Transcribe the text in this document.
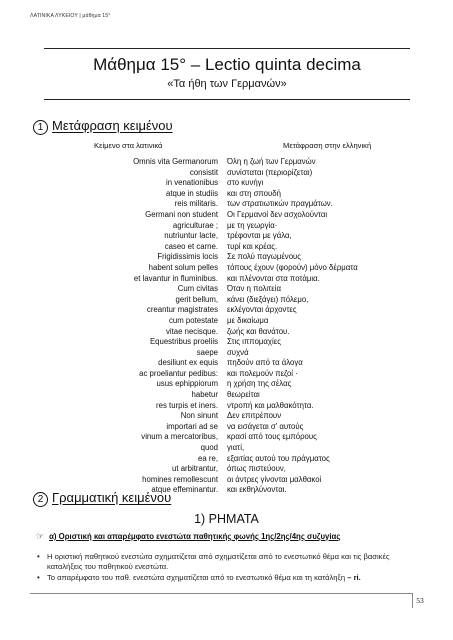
ΛΑΤΙΝΙΚΑ ΛΥΚΕΙΟΥ | μάθημα 15°
Μάθημα 15° – Lectio quinta decima
«Τα ήθη των Γερμανών»
1 Μετάφραση κειμένου
Κείμενο στα λατινικά	Μετάφραση στην ελληνική
Omnis vita Germanorum
consistit
in venationibus
atque in studiis
reis militaris.
Germani non student
agriculturae ;
nutriuntur lacte,
caseo et carne.
Frigidissimis locis
habent solum pelles
et lavantur in fluminibus.
Cum civitas
gerit bellum,
creantur magistrates
cum potestate
vitae necisque.
Equestribus proeliis
saepe
desiliunt ex equis
ac proeliantur pedibus:
usus ephippiorum
habetur
res turpis et iners.
Non sinunt
importari ad se
vinum a mercatoribus,
quod
ea re,
ut arbitrantur,
homines remollescunt
atque effeminantur.
Όλη η ζωή των Γερμανών
συνίσταται (περιορίζεται)
στο κυνήγι
και στη σπουδή
των στρατιωτικών πραγμάτων.
Οι Γερμανοί δεν ασχολούνται
με τη γεωργία·
τρέφονται με γάλα,
τυρί και κρέας.
Σε πολύ παγωμένους
τόπους έχουν (φορούν) μόνο δέρματα
και πλένονται στα ποτάμια.
Όταν η πολιτεία
κάνει (διεξάγει) πόλεμο,
εκλέγονται άρχοντες
με δικαίωμα
ζωής και θανάτου.
Στις ιππομαχίες
συχνά
πηδούν από τα άλογα
και πολεμούν πεζοί ·
η χρήση της σέλας
θεωρείται
ντροπή και μαλθακότητα.
Δεν επιτρέπουν
να εισάγεται σ' αυτούς
κρασί από τους εμπόρους
γιατί,
εξαιτίας αυτού του πράγματος
όπως πιστεύουν,
οι άντρες γίνονται μαλθακοί
και εκθηλύνονται.
2 Γραμματική κειμένου
1) ΡΗΜΑΤΑ
☞ α) Οριστική και απαρέμφατο ενεστώτα παθητικής φωνής 1ης/2ης/4ης συζυγίας
• Η οριστική παθητικού ενεστώτα σχηματίζεται από σχηματίζεται από το ενεστωτικό θέμα και τις βασικές καταλήξεις του παθητικού ενεστώτα.
• Το απαρέμφατο του παθ. ενεστώτα σχηματίζεται από το ενεστωτικό θέμα και τη κατάληξη – ri.
53
